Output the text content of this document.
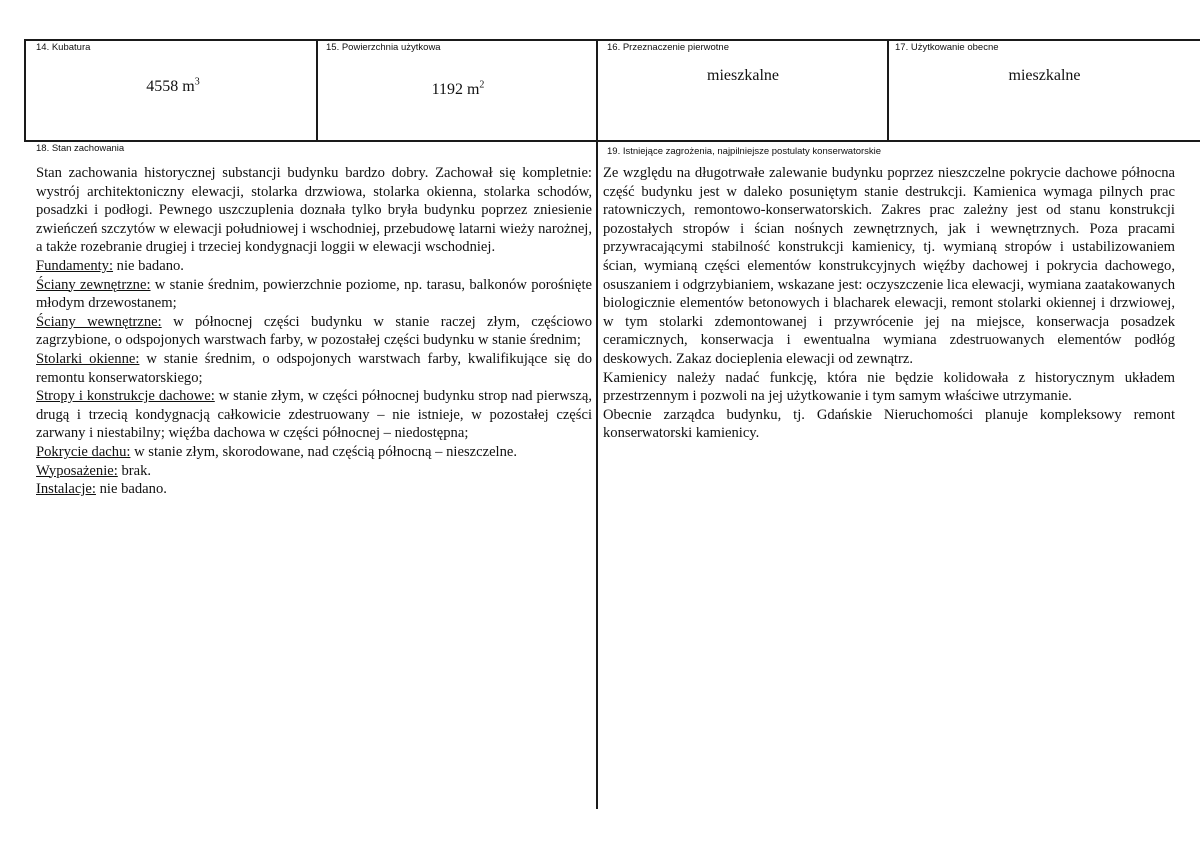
14. Kubatura
4558 $m^3$
15. Powierzchnia użytkowa
1192 $m^2$
16. Przeznaczenie pierwotne
mieszkalne
17. Użytkowanie obecne
mieszkalne
18. Stan zachowania

Stan zachowania historycznej substancji budynku bardzo dobry. Zachował się kompletnie: wystrój architektoniczny elewacji, stolarka drzwiowa, stolarka okienna, stolarka schodów, posadzki i podłogi. Pewnego uszczuplenia doznała tylko bryła budynku poprzez zniesienie zwieńczeń szczytów w elewacji południowej i wschodniej, przebudowę latarni wieży narożnej, a także rozebranie drugiej i trzeciej kondygnacji loggii w elewacji wschodniej.

Fundamenty: nie badano.

Ściany zewnętrzne: w stanie średnim, powierzchnie poziome, np. tarasu, balkonów porośnięte młodym drzewostanem;

Ściany wewnętrzne: w północnej części budynku w stanie raczej złym, częściowo zagrzybione, o odspojonych warstwach farby, w pozostałej części budynku w stanie średnim;

Stolarki okienne: w stanie średnim, o odspojonych warstwach farby, kwalifikujące się do remontu konserwatorskiego;

Stropy i konstrukcje dachowe: w stanie złym, w części północnej budynku strop nad pierwszą, drugą i trzecią kondygnacją całkowicie zdestruowany – nie istnieje, w pozostałej części zarwany i niestabilny; więźba dachowa w części północnej – niedostępna;

Pokrycie dachu: w stanie złym, skorodowane, nad częścią północną – nieszczelne.

Wyposażenie: brak.

Instalacje: nie badano.

19. Istniejące zagrożenia, najpilniejsze postulaty konserwatorskie

Ze względu na długotrwałe zalewanie budynku poprzez nieszczelne pokrycie dachowe północna część budynku jest w daleko posuniętym stanie destrukcji. Kamienica wymaga pilnych prac ratowniczych, remontowo-konserwatorskich. Zakres prac zależny jest od stanu konstrukcji pozostałych stropów i ścian nośnych zewnętrznych, jak i wewnętrznych. Poza pracami przywracającymi stabilność konstrukcji kamienicy, tj. wymianą stropów i ustabilizowaniem ścian, wymianą części elementów konstrukcyjnych więźby dachowej i pokrycia dachowego, osuszaniem i odgrzybianiem, wskazane jest: oczyszczenie lica elewacji, wymiana zaatakowanych biologicznie elementów betonowych i blacharek elewacji, remont stolarki okiennej i drzwiowej, w tym stolarki zdemontowanej i przywrócenie jej na miejsce, konserwacja posadzek ceramicznych, konserwacja i ewentualna wymiana zdestruowanych elementów podłóg deskowych. Zakaz docieplenia elewacji od zewnątrz.

Kamienicy należy nadać funkcję, która nie będzie kolidowała z historycznym układem przestrzennym i pozwoli na jej użytkowanie i tym samym właściwe utrzymanie.

Obecnie zarządca budynku, tj. Gdańskie Nieruchomości planuje kompleksowy remont konserwatorski kamienicy.
